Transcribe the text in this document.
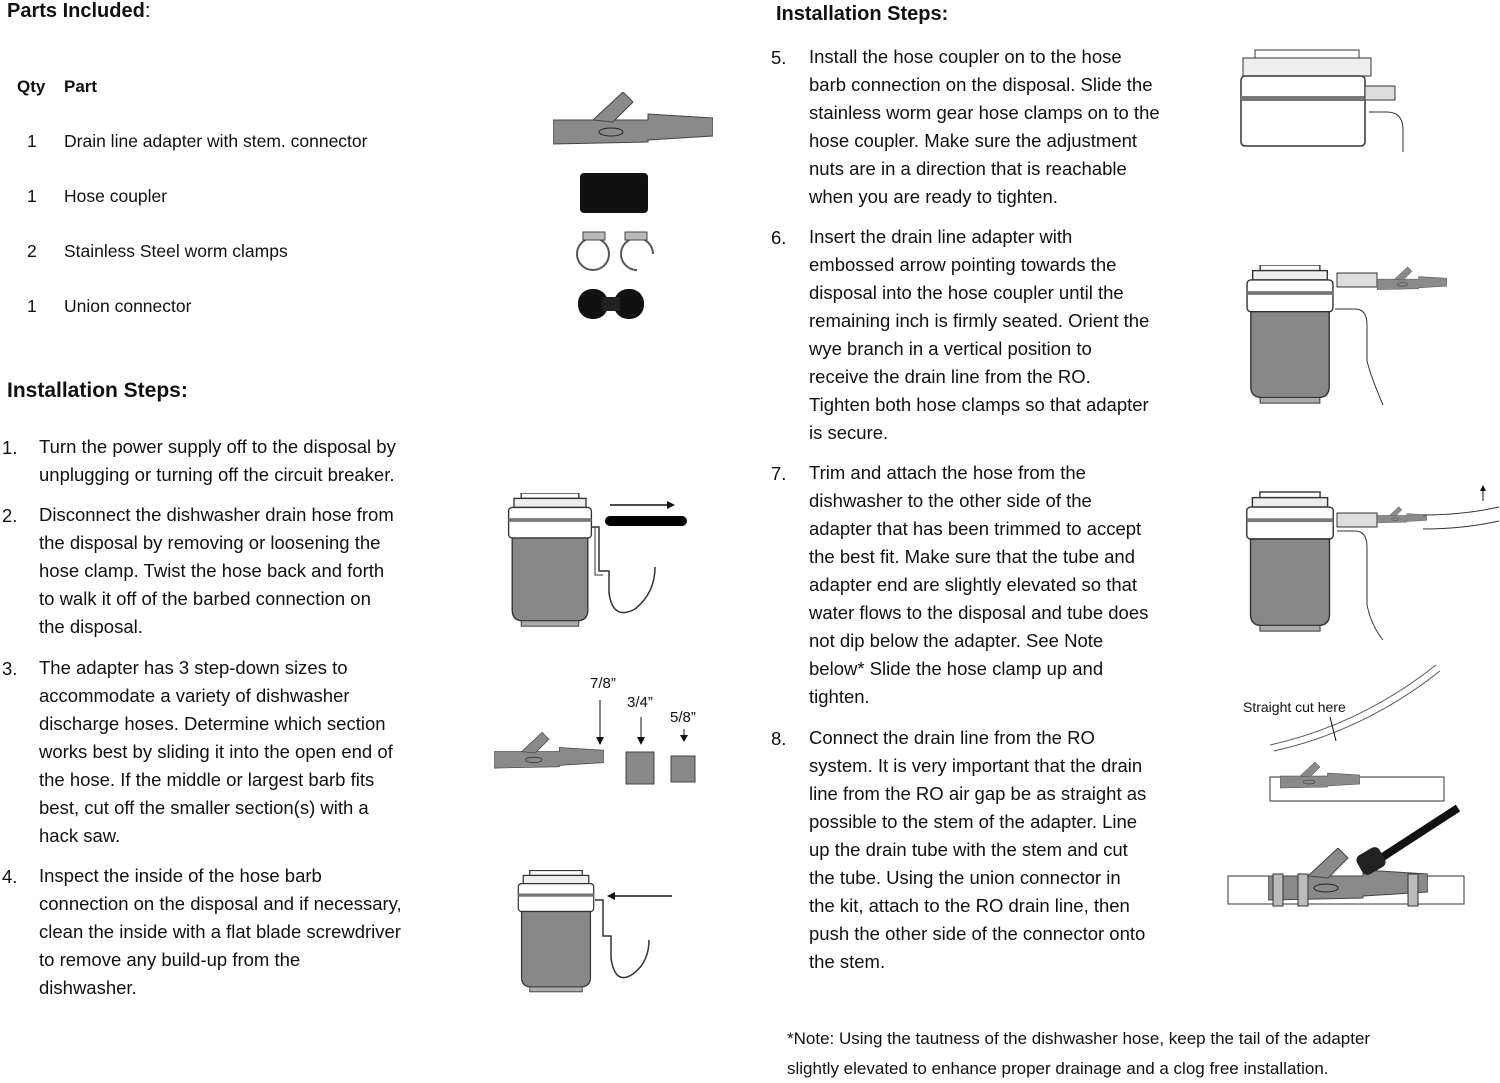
Parts Included:
Qty Part
1 Drain line adapter with stem. connector
1 Hose coupler
2 Stainless Steel worm clamps
1 Union connector
Installation Steps:
1. Turn the power supply off to the disposal by
unplugging or turning off the circuit breaker.
2. Disconnect the dishwasher drain hose from
the disposal by removing or loosening the
hose clamp. Twist the hose back and forth
to walk it off of the barbed connection on
the disposal.
3. The adapter has 3 step-down sizes to
accommodate a variety of dishwasher
discharge hoses. Determine which section
works best by sliding it into the open end of
the hose. If the middle or largest barb fits
best, cut off the smaller section(s) with a
hack saw.
4. Inspect the inside of the hose barb
connection on the disposal and if necessary,
clean the inside with a flat blade screwdriver
to remove any build-up from the
dishwasher.
7/8”
3/4”
5/8”
Installation Steps:
5. Install the hose coupler on to the hose
barb connection on the disposal. Slide the
stainless worm gear hose clamps on to the
hose coupler. Make sure the adjustment
nuts are in a direction that is reachable
when you are ready to tighten.
6. Insert the drain line adapter with
embossed arrow pointing towards the
disposal into the hose coupler until the
remaining inch is firmly seated. Orient the
wye branch in a vertical position to
receive the drain line from the RO.
Tighten both hose clamps so that adapter
is secure.
7. Trim and attach the hose from the
dishwasher to the other side of the
adapter that has been trimmed to accept
the best fit. Make sure that the tube and
adapter end are slightly elevated so that
water flows to the disposal and tube does
not dip below the adapter. See Note
below* Slide the hose clamp up and
tighten.
8. Connect the drain line from the RO
system. It is very important that the drain
line from the RO air gap be as straight as
possible to the stem of the adapter. Line
up the drain tube with the stem and cut
the tube. Using the union connector in
the kit, attach to the RO drain line, then
push the other side of the connector onto
the stem.
Straight cut here
*Note: Using the tautness of the dishwasher hose, keep the tail of the adapter
slightly elevated to enhance proper drainage and a clog free installation.
